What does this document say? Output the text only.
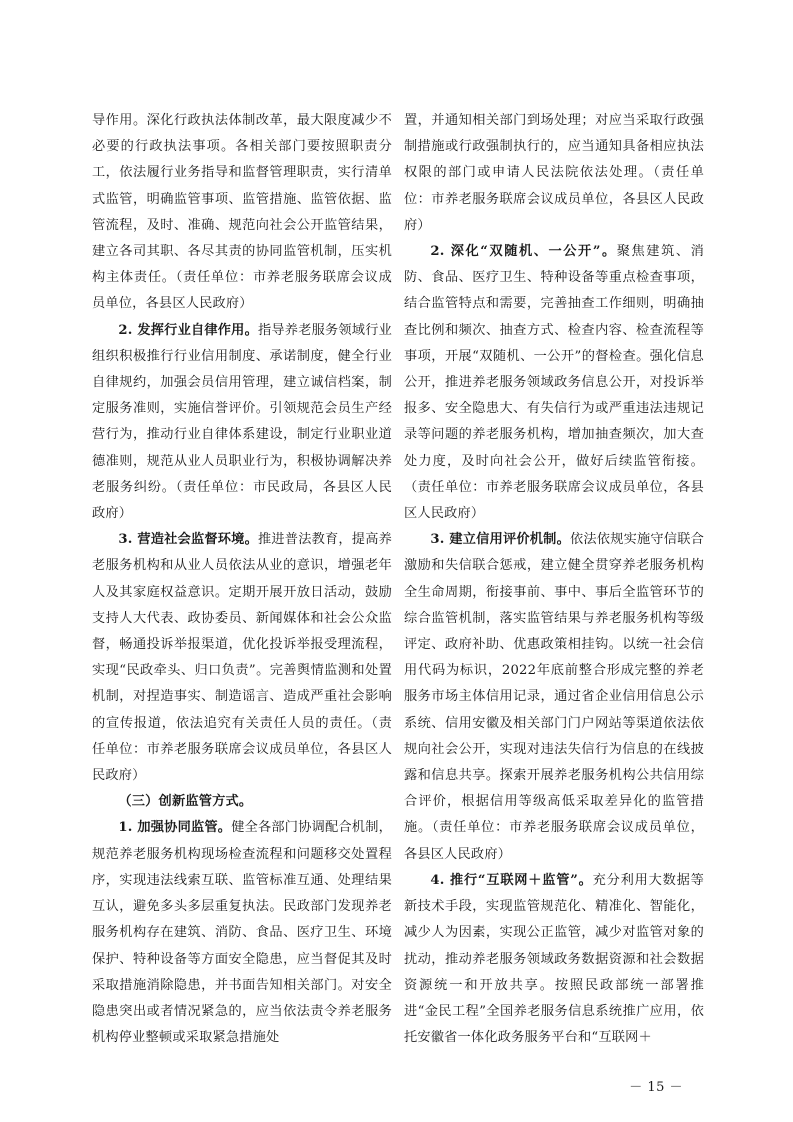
导作用。深化行政执法体制改革，最大限度减少不必要的行政执法事项。各相关部门要按照职责分工，依法履行业务指导和监督管理职责，实行清单式监管，明确监管事项、监管措施、监管依据、监管流程，及时、准确、规范向社会公开监管结果，建立各司其职、各尽其责的协同监管机制，压实机构主体责任。（责任单位：市养老服务联席会议成员单位，各县区人民政府）

2. 发挥行业自律作用。指导养老服务领域行业组织积极推行行业信用制度、承诺制度，健全行业自律规约，加强会员信用管理，建立诚信档案，制定服务准则，实施信誉评价。引领规范会员生产经营行为，推动行业自律体系建设，制定行业职业道德准则，规范从业人员职业行为，积极协调解决养老服务纠纷。（责任单位：市民政局，各县区人民政府）

3. 营造社会监督环境。推进普法教育，提高养老服务机构和从业人员依法从业的意识，增强老年人及其家庭权益意识。定期开展开放日活动，鼓励支持人大代表、政协委员、新闻媒体和社会公众监督，畅通投诉举报渠道，优化投诉举报受理流程，实现“民政牵头、归口负责”。完善舆情监测和处置机制，对捏造事实、制造谣言、造成严重社会影响的宣传报道，依法追究有关责任人员的责任。（责任单位：市养老服务联席会议成员单位，各县区人民政府）

（三）创新监管方式。

1. 加强协同监管。健全各部门协调配合机制，规范养老服务机构现场检查流程和问题移交处置程序，实现违法线索互联、监管标准互通、处理结果互认，避免多头多层重复执法。民政部门发现养老服务机构存在建筑、消防、食品、医疗卫生、环境保护、特种设备等方面安全隐患，应当督促其及时采取措施消除隐患，并书面告知相关部门。对安全隐患突出或者情况紧急的，应当依法责令养老服务机构停业整顿或采取紧急措施处

置，并通知相关部门到场处理；对应当采取行政强制措施或行政强制执行的，应当通知具备相应执法权限的部门或申请人民法院依法处理。（责任单位：市养老服务联席会议成员单位，各县区人民政府）

2. 深化“双随机、一公开”。聚焦建筑、消防、食品、医疗卫生、特种设备等重点检查事项，结合监管特点和需要，完善抽查工作细则，明确抽查比例和频次、抽查方式、检查内容、检查流程等事项，开展“双随机、一公开”的督检查。强化信息公开，推进养老服务领域政务信息公开，对投诉举报多、安全隐患大、有失信行为或严重违法违规记录等问题的养老服务机构，增加抽查频次，加大查处力度，及时向社会公开，做好后续监管衔接。（责任单位：市养老服务联席会议成员单位，各县区人民政府）

3. 建立信用评价机制。依法依规实施守信联合激励和失信联合惩戒，建立健全贯穿养老服务机构全生命周期，衔接事前、事中、事后全监管环节的综合监管机制，落实监管结果与养老服务机构等级评定、政府补助、优惠政策相挂钩。以统一社会信用代码为标识，2022年底前整合形成完整的养老服务市场主体信用记录，通过省企业信用信息公示系统、信用安徽及相关部门门户网站等渠道依法依规向社会公开，实现对违法失信行为信息的在线披露和信息共享。探索开展养老服务机构公共信用综合评价，根据信用等级高低采取差异化的监管措施。（责任单位：市养老服务联席会议成员单位，各县区人民政府）

4. 推行“互联网＋监管”。充分利用大数据等新技术手段，实现监管规范化、精准化、智能化，减少人为因素，实现公正监管，减少对监管对象的扰动，推动养老服务领域政务数据资源和社会数据资源统一和开放共享。按照民政部统一部署推进“金民工程”全国养老服务信息系统推广应用，依托安徽省一体化政务服务平台和“互联网＋

－ 15 －
